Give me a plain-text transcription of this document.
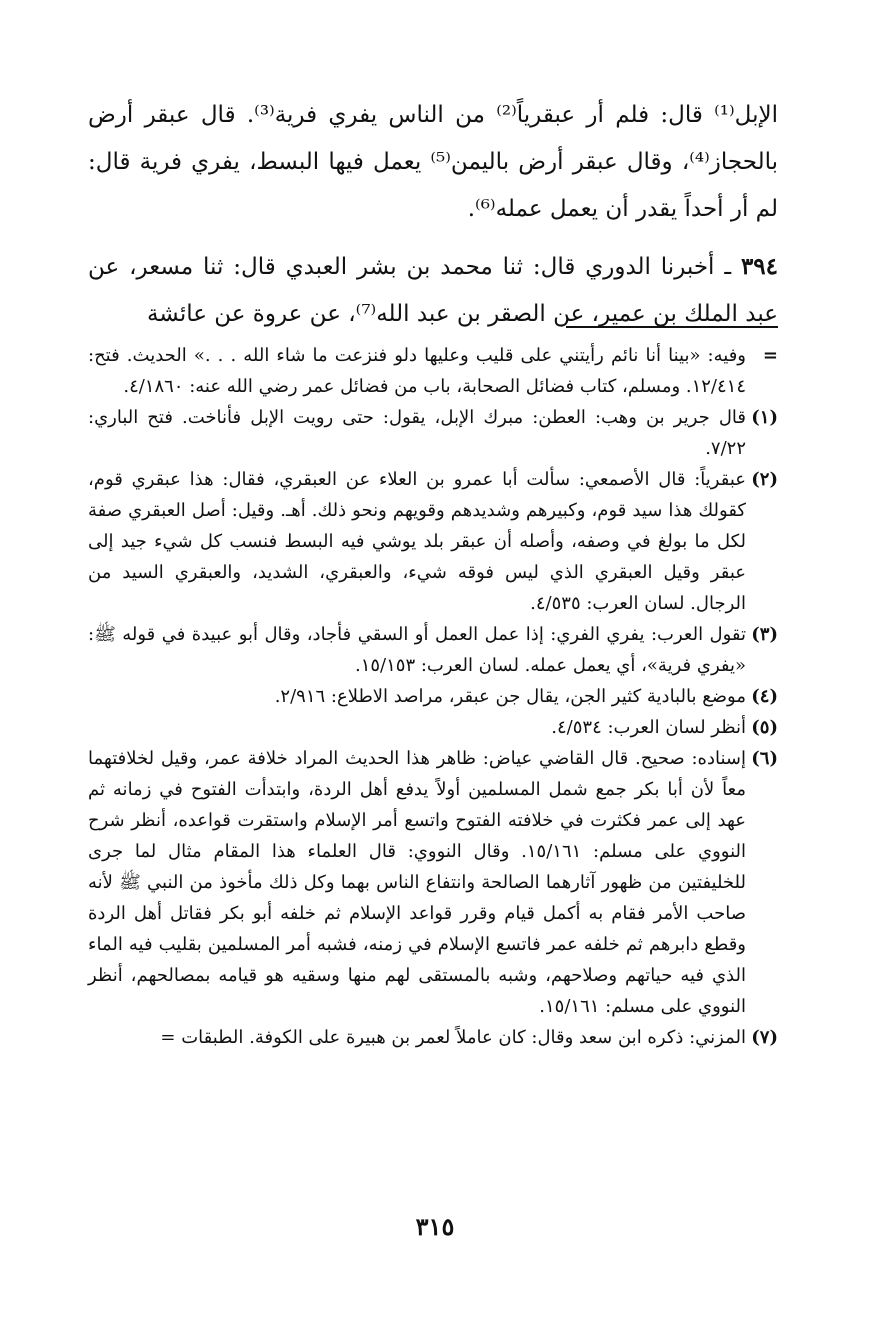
الإبل⁽¹⁾ قال: فلم أر عبقرياً⁽²⁾ من الناس يفري فرية⁽³⁾. قال عبقر أرض بالحجاز⁽⁴⁾، وقال عبقر أرض باليمن⁽⁵⁾ يعمل فيها البسط، يفري فرية قال: لم أر أحداً يقدر أن يعمل عمله⁽⁶⁾.

٣٩٤ ـ أخبرنا الدوري قال: ثنا محمد بن بشر العبدي قال: ثنا مسعر، عن عبد الملك بن عمير، عن الصقر بن عبد الله⁽⁷⁾، عن عروة عن عائشة

=
وفيه: «بينا أنا نائم رأيتني على قليب وعليها دلو فنزعت ما شاء الله . . .» الحديث. فتح: ١٢/٤١٤. ومسلم، كتاب فضائل الصحابة، باب من فضائل عمر رضي الله عنه: ٤/١٨٦٠.
(١)
قال جرير بن وهب: العطن: مبرك الإبل، يقول: حتى رويت الإبل فأناخت. فتح الباري: ٧/٢٢.
(٢)
عبقرياً: قال الأصمعي: سألت أبا عمرو بن العلاء عن العبقري، فقال: هذا عبقري قوم، كقولك هذا سيد قوم، وكبيرهم وشديدهم وقويهم ونحو ذلك. أهـ. وقيل: أصل العبقري صفة لكل ما بولغ في وصفه، وأصله أن عبقر بلد يوشي فيه البسط فنسب كل شيء جيد إلى عبقر وقيل العبقري الذي ليس فوقه شيء، والعبقري، الشديد، والعبقري السيد من الرجال. لسان العرب: ٤/٥٣٥.
(٣)
تقول العرب: يفري الفري: إذا عمل العمل أو السقي فأجاد، وقال أبو عبيدة في قوله ﷺ: «يفري فرية»، أي يعمل عمله. لسان العرب: ١٥/١٥٣.
(٤)
موضع بالبادية كثير الجن، يقال جن عبقر، مراصد الاطلاع: ٢/٩١٦.
(٥)
أنظر لسان العرب: ٤/٥٣٤.
(٦)
إسناده: صحيح. قال القاضي عياض: ظاهر هذا الحديث المراد خلافة عمر، وقيل لخلافتهما معاً لأن أبا بكر جمع شمل المسلمين أولاً يدفع أهل الردة، وابتدأت الفتوح في زمانه ثم عهد إلى عمر فكثرت في خلافته الفتوح واتسع أمر الإسلام واستقرت قواعده، أنظر شرح النووي على مسلم: ١٥/١٦١. وقال النووي: قال العلماء هذا المقام مثال لما جرى للخليفتين من ظهور آثارهما الصالحة وانتفاع الناس بهما وكل ذلك مأخوذ من النبي ﷺ لأنه صاحب الأمر فقام به أكمل قيام وقرر قواعد الإسلام ثم خلفه أبو بكر فقاتل أهل الردة وقطع دابرهم ثم خلفه عمر فاتسع الإسلام في زمنه، فشبه أمر المسلمين بقليب فيه الماء الذي فيه حياتهم وصلاحهم، وشبه بالمستقى لهم منها وسقيه هو قيامه بمصالحهم، أنظر النووي على مسلم: ١٥/١٦١.
(٧)
المزني: ذكره ابن سعد وقال: كان عاملاً لعمر بن هبيرة على الكوفة. الطبقات =
٣١٥
